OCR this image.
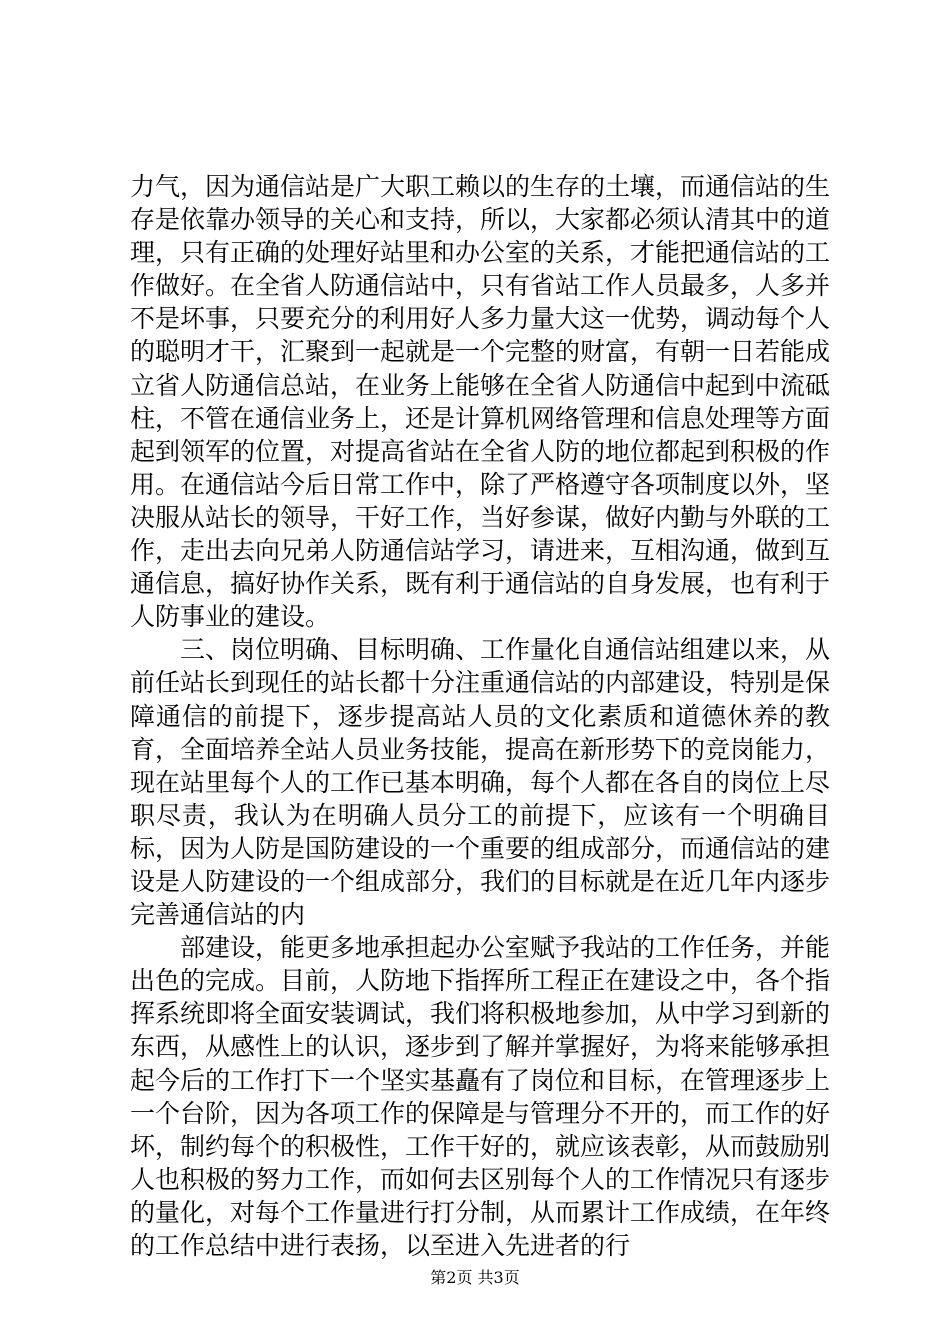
力气，因为通信站是广大职工赖以的生存的土壤，而通信站的生存是依靠办领导的关心和支持，所以，大家都必须认清其中的道理，只有正确的处理好站里和办公室的关系，才能把通信站的工作做好。在全省人防通信站中，只有省站工作人员最多，人多并不是坏事，只要充分的利用好人多力量大这一优势，调动每个人的聪明才干，汇聚到一起就是一个完整的财富，有朝一日若能成立省人防通信总站，在业务上能够在全省人防通信中起到中流砥柱，不管在通信业务上，还是计算机网络管理和信息处理等方面起到领军的位置，对提高省站在全省人防的地位都起到积极的作用。在通信站今后日常工作中，除了严格遵守各项制度以外，坚决服从站长的领导，干好工作，当好参谋，做好内勤与外联的工作，走出去向兄弟人防通信站学习，请进来，互相沟通，做到互通信息，搞好协作关系，既有利于通信站的自身发展，也有利于人防事业的建设。

三、岗位明确、目标明确、工作量化自通信站组建以来，从前任站长到现任的站长都十分注重通信站的内部建设，特别是保障通信的前提下，逐步提高站人员的文化素质和道德休养的教育，全面培养全站人员业务技能，提高在新形势下的竞岗能力，现在站里每个人的工作已基本明确，每个人都在各自的岗位上尽职尽责，我认为在明确人员分工的前提下，应该有一个明确目标，因为人防是国防建设的一个重要的组成部分，而通信站的建设是人防建设的一个组成部分，我们的目标就是在近几年内逐步完善通信站的内

部建设，能更多地承担起办公室赋予我站的工作任务，并能出色的完成。目前，人防地下指挥所工程正在建设之中，各个指挥系统即将全面安装调试，我们将积极地参加，从中学习到新的东西，从感性上的认识，逐步到了解并掌握好，为将来能够承担起今后的工作打下一个坚实基矗有了岗位和目标，在管理逐步上一个台阶，因为各项工作的保障是与管理分不开的，而工作的好坏，制约每个的积极性，工作干好的，就应该表彰，从而鼓励别人也积极的努力工作，而如何去区别每个人的工作情况只有逐步的量化，对每个工作量进行打分制，从而累计工作成绩，在年终的工作总结中进行表扬，以至进入先进者的行

第2页 共3页
